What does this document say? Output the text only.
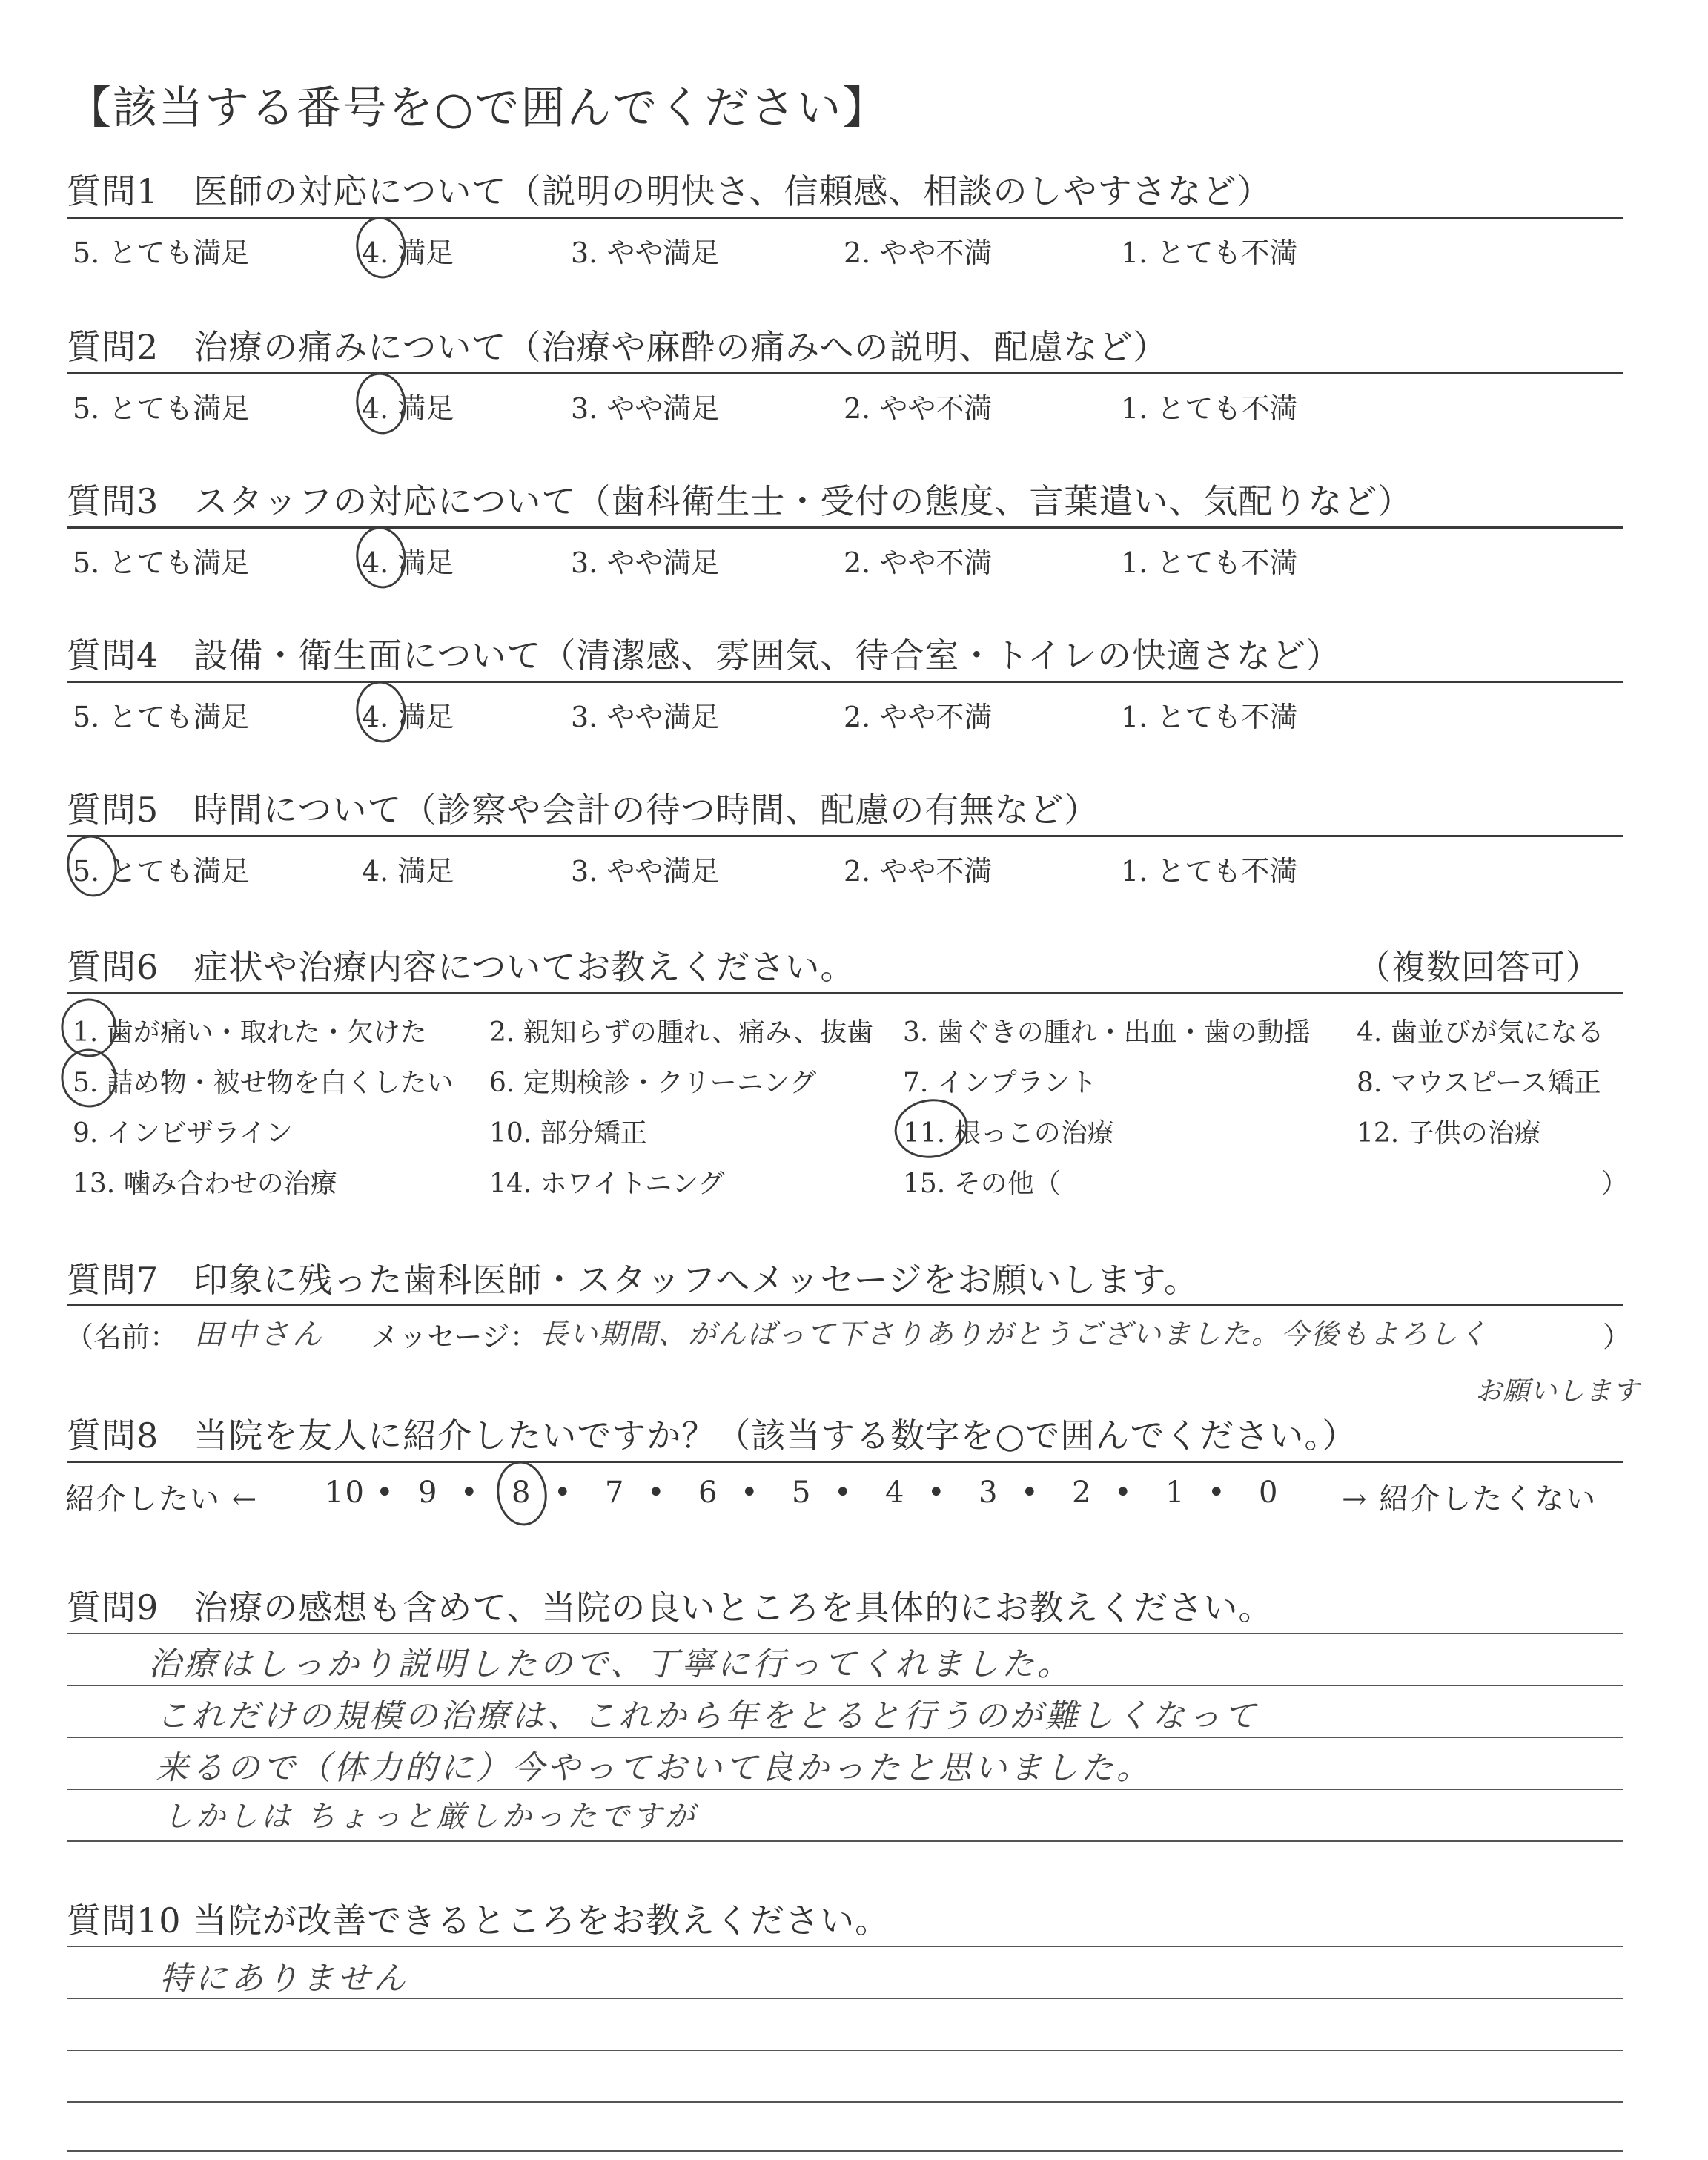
【該当する番号を○で囲んでください】
質問1　医師の対応について（説明の明快さ、信頼感、相談のしやすさなど）
5. とても満足	4. 満足	3. やや満足	2. やや不満	1. とても不満
質問2　治療の痛みについて（治療や麻酔の痛みへの説明、配慮など）
5. とても満足	4. 満足	3. やや満足	2. やや不満	1. とても不満
質問3　スタッフの対応について（歯科衛生士・受付の態度、言葉遣い、気配りなど）
5. とても満足	4. 満足	3. やや満足	2. やや不満	1. とても不満
質問4　設備・衛生面について（清潔感、雰囲気、待合室・トイレの快適さなど）
5. とても満足	4. 満足	3. やや満足	2. やや不満	1. とても不満
質問5　時間について（診察や会計の待つ時間、配慮の有無など）
5. とても満足	4. 満足	3. やや満足	2. やや不満	1. とても不満
質問6　症状や治療内容についてお教えください。	（複数回答可）
1. 歯が痛い・取れた・欠けた 2. 親知らずの腫れ、痛み、抜歯 3. 歯ぐきの腫れ・出血・歯の動揺 4. 歯並びが気になる
5. 詰め物・被せ物を白くしたい 6. 定期検診・クリーニング	7. インプラント	8. マウスピース矯正
9. インビザライン	10. 部分矯正	11. 根っこの治療	12. 子供の治療
13. 噛み合わせの治療	14. ホワイトニング	15. その他（	）
質問7　印象に残った歯科医師・スタッフへメッセージをお願いします。
（名前： 田中さん メッセージ： 長い期間、がんばって下さりありがとうございました。今後もよろしく	）
お願いします
質問8　当院を友人に紹介したいですか？（該当する数字を○で囲んでください。）
紹介したい ← 10 • 9 • 8 • 7 • 6 • 5 • 4 • 3 • 2 • 1 • 0 → 紹介したくない
質問9　治療の感想も含めて、当院の良いところを具体的にお教えください。
治療はしっかり説明したので、丁寧に行ってくれました。
これだけの規模の治療は、これから年をとると行うのが難しくなって
来るので（体力的に）今やっておいて良かったと思いました。
しかしは ちょっと厳しかったですが
質問10 当院が改善できるところをお教えください。
特にありません
